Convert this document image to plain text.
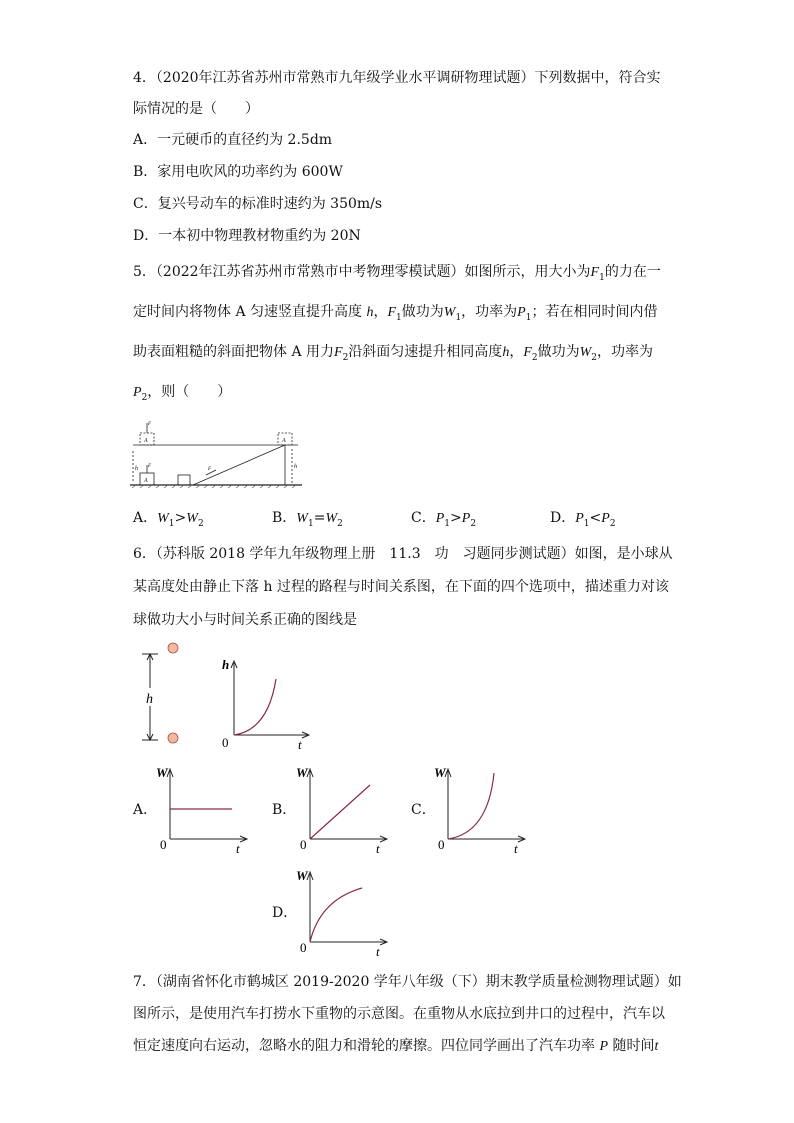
4．（2020年江苏省苏州市常熟市九年级学业水平调研物理试题）下列数据中，符合实
际情况的是（　　）
A．一元硬币的直径约为 2.5dm
B．家用电吹风的功率约为 600W
C．复兴号动车的标准时速约为 350m/s
D．一本初中物理教材物重约为 20N
5．（2022年江苏省苏州市常熟市中考物理零模试题）如图所示，用大小为$F_1$的力在一
定时间内将物体 A 匀速竖直提升高度 h，$F_1$做功为$W_1$，功率为$P_1$；若在相同时间内借
助表面粗糙的斜面把物体 A 用力$F_2$沿斜面匀速提升相同高度h，$F_2$做功为$W_2$，功率为
$P_2$，则（　　）
A	A
A
F
F
F
h	h
A．$W_1>W_2$	B．$W_1=W_2$	C．$P_1>P_2$	D．$P_1<P_2$
6．（苏科版 2018 学年九年级物理上册　11.3　功　习题同步测试题）如图，是小球从
某高度处由静止下落 h 过程的路程与时间关系图，在下面的四个选项中，描述重力对该
球做功大小与时间关系正确的图线是
h
h
0	t
A．
W
0	t
B．
W
0	t
C．
W
0	t
D．
W
0	t
7．（湖南省怀化市鹤城区 2019-2020 学年八年级（下）期末教学质量检测物理试题）如
图所示，是使用汽车打捞水下重物的示意图。在重物从水底拉到井口的过程中，汽车以
恒定速度向右运动，忽略水的阻力和滑轮的摩擦。四位同学画出了汽车功率 P 随时间t
